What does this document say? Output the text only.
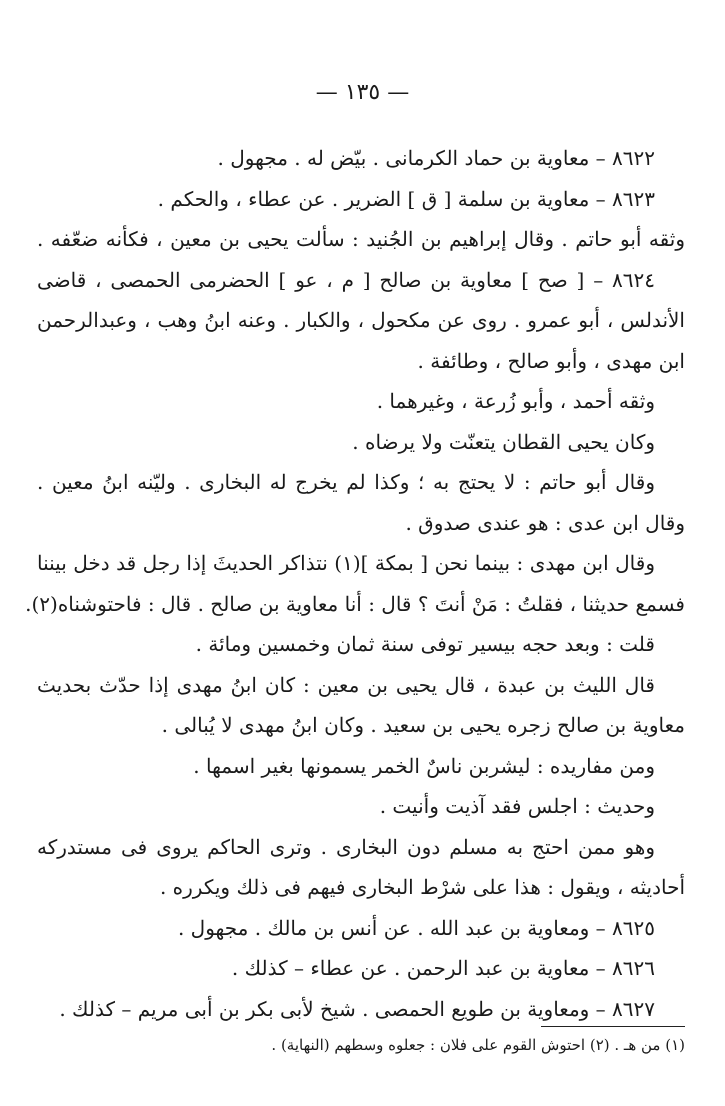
— ١٣٥ —
٨٦٢٢ – معاوية بن حماد الكرمانى . بيّض له . مجهول .
٨٦٢٣ – معاوية بن سلمة [ ق ] الضرير . عن عطاء ، والحكم .
وثقه أبو حاتم . وقال إبراهيم بن الجُنيد : سألت يحيى بن معين ، فكأنه ضعّفه .
٨٦٢٤ – [ صح ] معاوية بن صالح [ م ، عو ] الحضرمى الحمصى ، قاضى
الأندلس ، أبو عمرو . روى عن مكحول ، والكبار . وعنه ابنُ وهب ، وعبدالرحمن
ابن مهدى ، وأبو صالح ، وطائفة .
وثقه أحمد ، وأبو زُرعة ، وغيرهما .
وكان يحيى القطان يتعنّت ولا يرضاه .
وقال أبو حاتم : لا يحتج به ؛ وكذا لم يخرج له البخارى . وليّنه ابنُ معين .
وقال ابن عدى : هو عندى صدوق .
وقال ابن مهدى : بينما نحن [ بمكة ](١) نتذاكر الحديثَ إذا رجل قد دخل بيننا
فسمع حديثنا ، فقلتُ : مَنْ أنتَ ؟ قال : أنا معاوية بن صالح . قال : فاحتوشناه(٢).
قلت : وبعد حجه بيسير توفى سنة ثمان وخمسين ومائة .
قال الليث بن عبدة ، قال يحيى بن معين : كان ابنُ مهدى إذا حدّث بحديث
معاوية بن صالح زجره يحيى بن سعيد . وكان ابنُ مهدى لا يُبالى .
ومن مفاريده : ليشربن ناسٌ الخمر يسمونها بغير اسمها .
وحديث : اجلس فقد آذيت وأنيت .
وهو ممن احتج به مسلم دون البخارى . وترى الحاكم يروى فى مستدركه
أحاديثه ، ويقول : هذا على شرْط البخارى فيهم فى ذلك ويكرره .
٨٦٢٥ – ومعاوية بن عبد الله . عن أنس بن مالك . مجهول .
٨٦٢٦ – معاوية بن عبد الرحمن . عن عطاء – كذلك .
٨٦٢٧ – ومعاوية بن طويع الحمصى . شيخ لأبى بكر بن أبى مريم – كذلك .
(١) من هـ . (٢) احتوش القوم على فلان : جعلوه وسطهم (النهاية) .
